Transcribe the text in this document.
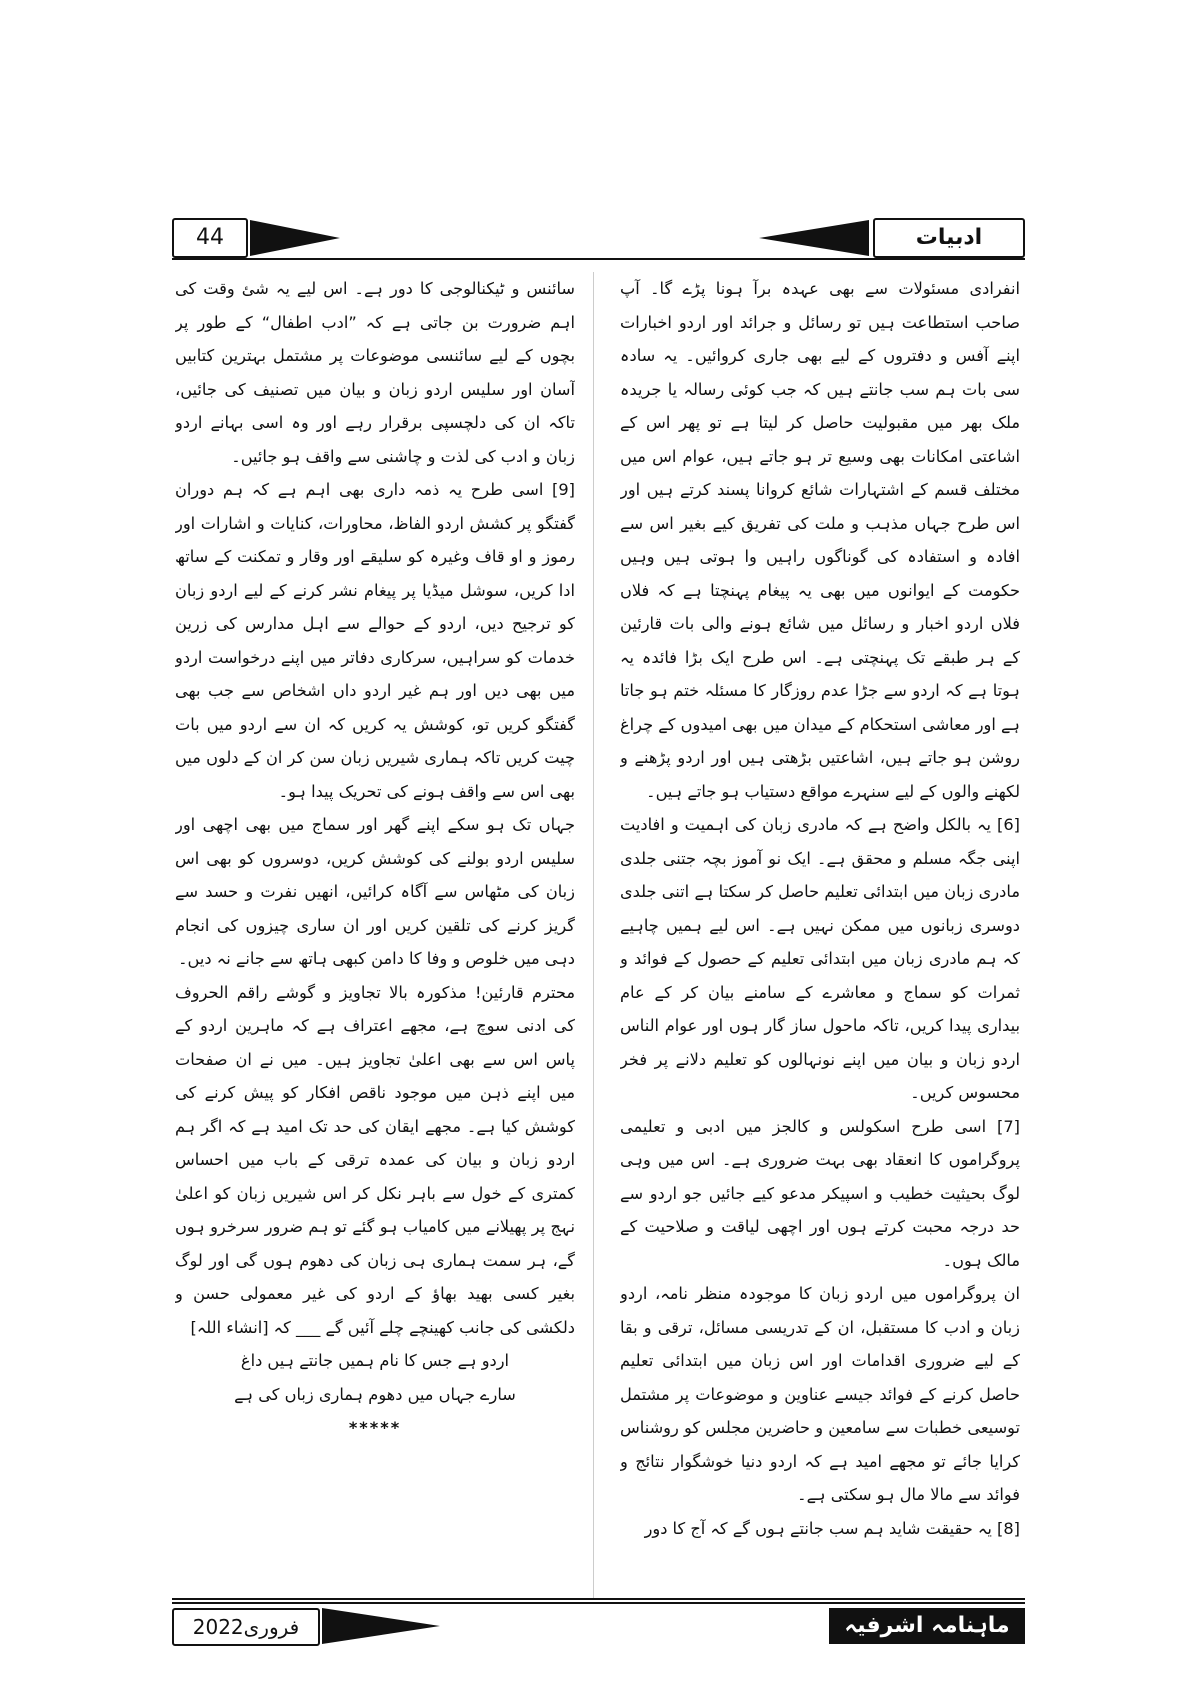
44	ادبیات

انفرادی مسئولات سے بھی عہدہ برآ ہونا پڑے گا۔ آپ صاحب استطاعت ہیں تو رسائل و جرائد اور اردو اخبارات اپنے آفس و دفتروں کے لیے بھی جاری کروائیں۔ یہ سادہ سی بات ہم سب جانتے ہیں کہ جب کوئی رسالہ یا جریدہ ملک بھر میں مقبولیت حاصل کر لیتا ہے تو پھر اس کے اشاعتی امکانات بھی وسیع تر ہو جاتے ہیں، عوام اس میں مختلف قسم کے اشتہارات شائع کروانا پسند کرتے ہیں اور اس طرح جہاں مذہب و ملت کی تفریق کیے بغیر اس سے افادہ و استفادہ کی گوناگوں راہیں وا ہوتی ہیں وہیں حکومت کے ایوانوں میں بھی یہ پیغام پہنچتا ہے کہ فلاں فلاں اردو اخبار و رسائل میں شائع ہونے والی بات قارئین کے ہر طبقے تک پہنچتی ہے۔ اس طرح ایک بڑا فائدہ یہ ہوتا ہے کہ اردو سے جڑا عدم روزگار کا مسئلہ ختم ہو جاتا ہے اور معاشی استحکام کے میدان میں بھی امیدوں کے چراغ روشن ہو جاتے ہیں، اشاعتیں بڑھتی ہیں اور اردو پڑھنے و لکھنے والوں کے لیے سنہرے مواقع دستیاب ہو جاتے ہیں۔

[6] یہ بالکل واضح ہے کہ مادری زبان کی اہمیت و افادیت اپنی جگہ مسلم و محقق ہے۔ ایک نو آموز بچہ جتنی جلدی مادری زبان میں ابتدائی تعلیم حاصل کر سکتا ہے اتنی جلدی دوسری زبانوں میں ممکن نہیں ہے۔ اس لیے ہمیں چاہیے کہ ہم مادری زبان میں ابتدائی تعلیم کے حصول کے فوائد و ثمرات کو سماج و معاشرے کے سامنے بیان کر کے عام بیداری پیدا کریں، تاکہ ماحول ساز گار ہوں اور عوام الناس اردو زبان و بیان میں اپنے نونہالوں کو تعلیم دلانے پر فخر محسوس کریں۔

[7] اسی طرح اسکولس و کالجز میں ادبی و تعلیمی پروگراموں کا انعقاد بھی بہت ضروری ہے۔ اس میں وہی لوگ بحیثیت خطیب و اسپیکر مدعو کیے جائیں جو اردو سے حد درجہ محبت کرتے ہوں اور اچھی لیاقت و صلاحیت کے مالک ہوں۔

ان پروگراموں میں اردو زبان کا موجودہ منظر نامہ، اردو زبان و ادب کا مستقبل، ان کے تدریسی مسائل، ترقی و بقا کے لیے ضروری اقدامات اور اس زبان میں ابتدائی تعلیم حاصل کرنے کے فوائد جیسے عناوین و موضوعات پر مشتمل توسیعی خطبات سے سامعین و حاضرین مجلس کو روشناس کرایا جائے تو مجھے امید ہے کہ اردو دنیا خوشگوار نتائج و فوائد سے مالا مال ہو سکتی ہے۔

[8] یہ حقیقت شاید ہم سب جانتے ہوں گے کہ آج کا دور

سائنس و ٹیکنالوجی کا دور ہے۔ اس لیے یہ شئ وقت کی اہم ضرورت بن جاتی ہے کہ ”ادب اطفال“ کے طور پر بچوں کے لیے سائنسی موضوعات پر مشتمل بہترین کتابیں آسان اور سلیس اردو زبان و بیان میں تصنیف کی جائیں، تاکہ ان کی دلچسپی برقرار رہے اور وہ اسی بہانے اردو زبان و ادب کی لذت و چاشنی سے واقف ہو جائیں۔

[9] اسی طرح یہ ذمہ داری بھی اہم ہے کہ ہم دوران گفتگو پر کشش اردو الفاظ، محاورات، کنایات و اشارات اور رموز و او قاف وغیرہ کو سلیقے اور وقار و تمکنت کے ساتھ ادا کریں، سوشل میڈیا پر پیغام نشر کرنے کے لیے اردو زبان کو ترجیح دیں، اردو کے حوالے سے اہل مدارس کی زرین خدمات کو سراہیں، سرکاری دفاتر میں اپنے درخواست اردو میں بھی دیں اور ہم غیر اردو داں اشخاص سے جب بھی گفتگو کریں تو، کوشش یہ کریں کہ ان سے اردو میں بات چیت کریں تاکہ ہماری شیریں زبان سن کر ان کے دلوں میں بھی اس سے واقف ہونے کی تحریک پیدا ہو۔

جہاں تک ہو سکے اپنے گھر اور سماج میں بھی اچھی اور سلیس اردو بولنے کی کوشش کریں، دوسروں کو بھی اس زبان کی مٹھاس سے آگاہ کرائیں، انھیں نفرت و حسد سے گریز کرنے کی تلقین کریں اور ان ساری چیزوں کی انجام دہی میں خلوص و وفا کا دامن کبھی ہاتھ سے جانے نہ دیں۔

محترم قارئین! مذکورہ بالا تجاویز و گوشے راقم الحروف کی ادنی سوچ ہے، مجھے اعتراف ہے کہ ماہرین اردو کے پاس اس سے بھی اعلیٰ تجاویز ہیں۔ میں نے ان صفحات میں اپنے ذہن میں موجود ناقص افکار کو پیش کرنے کی کوشش کیا ہے۔ مجھے ایقان کی حد تک امید ہے کہ اگر ہم اردو زبان و بیان کی عمدہ ترقی کے باب میں احساس کمتری کے خول سے باہر نکل کر اس شیریں زبان کو اعلیٰ نہج پر پھیلانے میں کامیاب ہو گئے تو ہم ضرور سرخرو ہوں گے، ہر سمت ہماری ہی زبان کی دھوم ہوں گی اور لوگ بغیر کسی بھید بھاؤ کے اردو کی غیر معمولی حسن و دلکشی کی جانب کھینچے چلے آئیں گے ___ کہ [انشاء اللہ]

اردو ہے جس کا نام ہمیں جانتے ہیں داغ

سارے جہاں میں دھوم ہماری زباں کی ہے

*****

فروری2022	ماہنامہ اشرفیہ
